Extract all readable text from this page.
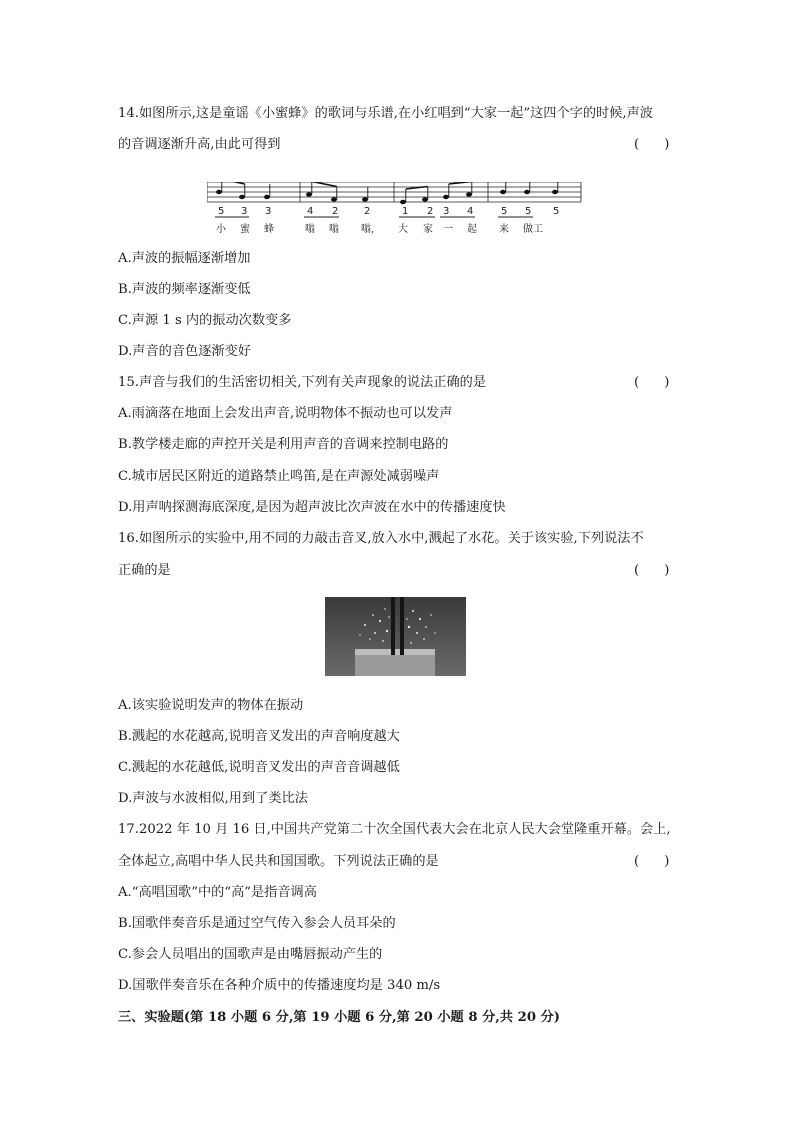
14.如图所示,这是童谣《小蜜蜂》的歌词与乐谱,在小红唱到“大家一起”这四个字的时候,声波
的音调逐渐升高,由此可得到	(      )
5 3 3	4 2	2	1 2 3 4	5 5 5
小 蜜 蜂	嗡 嗡 嗡, 大 家 一 起 来 做工
A.声波的振幅逐渐增加
B.声波的频率逐渐变低
C.声源 1 s 内的振动次数变多
D.声音的音色逐渐变好
15.声音与我们的生活密切相关,下列有关声现象的说法正确的是	(      )
A.雨滴落在地面上会发出声音,说明物体不振动也可以发声
B.教学楼走廊的声控开关是利用声音的音调来控制电路的
C.城市居民区附近的道路禁止鸣笛,是在声源处减弱噪声
D.用声呐探测海底深度,是因为超声波比次声波在水中的传播速度快
16.如图所示的实验中,用不同的力敲击音叉,放入水中,溅起了水花。关于该实验,下列说法不
正确的是	(      )
A.该实验说明发声的物体在振动
B.溅起的水花越高,说明音叉发出的声音响度越大
C.溅起的水花越低,说明音叉发出的声音音调越低
D.声波与水波相似,用到了类比法
17.2022 年 10 月 16 日,中国共产党第二十次全国代表大会在北京人民大会堂隆重开幕。会上,
全体起立,高唱中华人民共和国国歌。下列说法正确的是	(      )
A.“高唱国歌”中的“高”是指音调高
B.国歌伴奏音乐是通过空气传入参会人员耳朵的
C.参会人员唱出的国歌声是由嘴唇振动产生的
D.国歌伴奏音乐在各种介质中的传播速度均是 340 m/s
三、实验题(第 18 小题 6 分,第 19 小题 6 分,第 20 小题 8 分,共 20 分)
